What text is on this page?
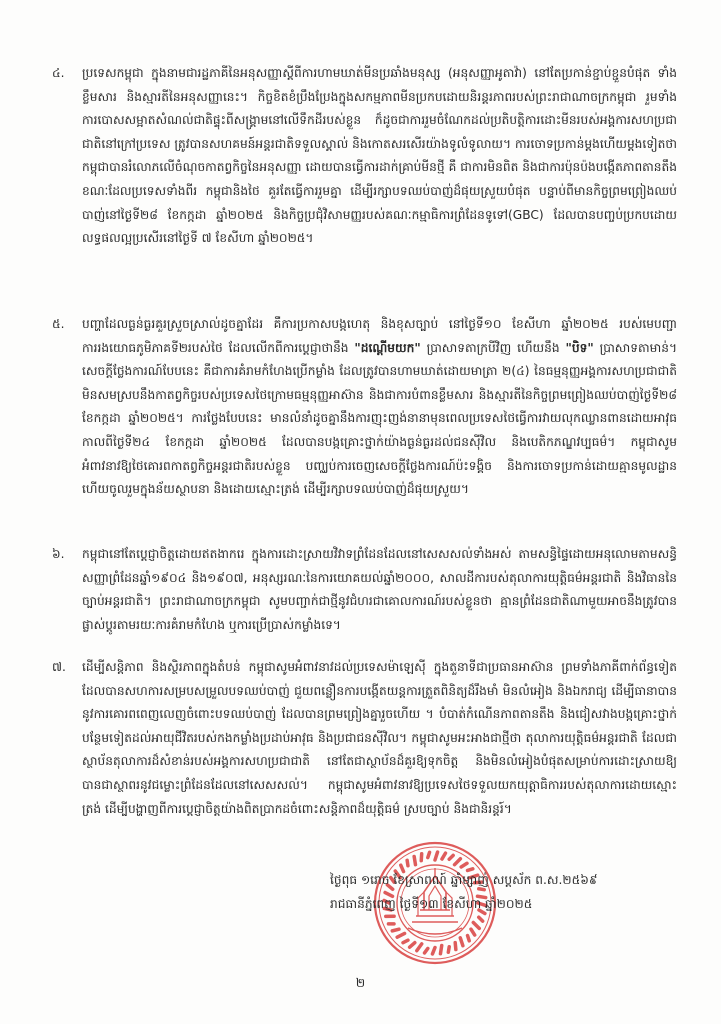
៤.	ប្រទេសកម្ពុជា ក្នុងនាមជារដ្ឋភាគីនៃអនុសញ្ញាស្តីពីការហាមឃាត់មីនប្រឆាំងមនុស្ស (អនុសញ្ញាអូតាវ៉ា) នៅតែប្រកាន់ខ្ជាប់ខ្ជួនបំផុត ទាំងខ្លឹមសារ និងស្មារតីនៃអនុសញ្ញានេះ។ កិច្ចខិតខំប្រឹងប្រែងក្នុងសកម្មភាពមីនប្រកបដោយនិរន្តរភាពរបស់ព្រះរាជាណាចក្រកម្ពុជា រួមទាំងការបោសសម្អាតសំណល់ជាតិផ្ទុះពីសង្គ្រាមនៅលើទឹកដីរបស់ខ្លួន ក៏ដូចជាការរួមចំណែកដល់ប្រតិបត្តិការដោះមីនរបស់អង្គការសហប្រជាជាតិនៅក្រៅប្រទេស ត្រូវបានសហគមន៍អន្តរជាតិទទួលស្គាល់ និងកោតសរសើរយ៉ាងទូលំទូលាយ។ ការចោទប្រកាន់ម្តងហើយម្តងទៀតថាកម្ពុជាបានរំលោភលើចំណុចកាតព្វកិច្ចនៃអនុសញ្ញា ដោយបានធ្វើការដាក់គ្រាប់មីនថ្មី គឺ ជាការមិនពិត និងជាការប៉ុនប៉ងបង្កើតភាពតានតឹង ខណៈដែលប្រទេសទាំងពីរ កម្ពុជានិងថៃ គួរតែធ្វើការរួមគ្នា ដើម្បីរក្សាបទឈប់បាញ់ដ៏ផុយស្រួយបំផុត បន្ទាប់ពីមានកិច្ចព្រមព្រៀងឈប់បាញ់នៅថ្ងៃទី២៨ ខែកក្កដា ឆ្នាំ២០២៥ និងកិច្ចប្រជុំវិសាមញ្ញរបស់គណៈកម្មាធិការព្រំដែនទូទៅ(GBC) ដែលបានបញ្ចប់ប្រកបដោយលទ្ធផលល្អប្រសើរនៅថ្ងៃទី ៧ ខែសីហា ឆ្នាំ២០២៥។
៥.	បញ្ហាដែលធ្ងន់ធ្ងរគួរស្រួចស្រាល់ដូចគ្នាដែរ គឺការប្រកាសបង្កហេតុ និងខុសច្បាប់ នៅថ្ងៃទី១០ ខែសីហា ឆ្នាំ២០២៥ របស់មេបញ្ជាការរងយោធភូមិភាគទី២របស់ថៃ ដែលលើកពីការប្តេជ្ញាថានឹង "ដណ្តើមយក" ប្រាសាទតាក្របីវិញ ហើយនឹង "បិទ" ប្រាសាទតាមាន់។ សេចក្តីថ្លែងការណ៍បែបនេះ គឺជាការគំរាមកំហែងប្រើកម្លាំង ដែលត្រូវបានហាមឃាត់ដោយមាត្រា ២(៤) នៃធម្មនុញ្ញអង្គការសហប្រជាជាតិ មិនសមស្របនឹងកាតព្វកិច្ចរបស់ប្រទេសថៃក្រោមធម្មនុញ្ញអាស៊ាន និងជាការបំពានខ្លឹមសារ និងស្មារតីនៃកិច្ចព្រមព្រៀងឈប់បាញ់ថ្ងៃទី២៨ ខែកក្កដា ឆ្នាំ២០២៥។ ការថ្លែងបែបនេះ មានលំនាំដូចគ្នានឹងការញុះញង់នានាមុនពេលប្រទេសថៃធ្វើការវាយលុកឈ្លានពានដោយអាវុធ កាលពីថ្ងៃទី២៤ ខែកក្កដា ឆ្នាំ២០២៥ ដែលបានបង្កគ្រោះថ្នាក់យ៉ាងធ្ងន់ធ្ងរដល់ជនស៊ីវិល និងបេតិកភណ្ឌវប្បធម៌។ កម្ពុជាសូមអំពាវនាវឱ្យថៃគោរពកាតព្វកិច្ចអន្តរជាតិរបស់ខ្លួន បញ្ឈប់ការចេញសេចក្តីថ្លែងការណ៍ប៉ះទង្គិច និងការចោទប្រកាន់ដោយគ្មានមូលដ្ឋាន ហើយចូលរួមក្នុងន័យស្ថាបនា និងដោយស្មោះត្រង់ ដើម្បីរក្សាបទឈប់បាញ់ដ៏ផុយស្រួយ។
៦.	កម្ពុជានៅតែប្តេជ្ញាចិត្តដោយឥតងាករេ ក្នុងការដោះស្រាយវិវាទព្រំដែនដែលនៅសេសសល់ទាំងអស់ តាមសន្ធិផ្ទៃដោយអនុលោមតាមសន្ធិសញ្ញាព្រំដែនឆ្នាំ១៩០៤ និង១៩០៧, អនុស្សរណៈនៃការយោគយល់ឆ្នាំ២០០០, សាលដីការបស់តុលាការយុត្តិធម៌អន្តរជាតិ និងវិធាននៃច្បាប់អន្តរជាតិ។ ព្រះរាជាណាចក្រកម្ពុជា សូមបញ្ជាក់ជាថ្មីនូវជំហរជាគោលការណ៍របស់ខ្លួនថា គ្មានព្រំដែនជាតិណាមួយអាចនឹងត្រូវបានផ្លាស់ប្តូរតាមរយៈការគំរាមកំហែង ឬការប្រើប្រាស់កម្លាំងទេ។
៧.	ដើម្បីសន្តិភាព និងស្ថិរភាពក្នុងតំបន់ កម្ពុជាសូមអំពាវនាវដល់ប្រទេសម៉ាឡេស៊ី ក្នុងតួនាទីជាប្រធានអាស៊ាន ព្រមទាំងភាគីពាក់ព័ន្ធទៀតដែលបានសហការសម្របសម្រួលបទឈប់បាញ់ ជួយពន្លឿនការបង្កើតយន្តការត្រួតពិនិត្យដ៏រឹងមាំ មិនលំអៀង និងឯករាជ្យ ដើម្បីធានាបាននូវការគោរពពេញលេញចំពោះបទឈប់បាញ់ ដែលបានព្រមព្រៀងគ្នារួចហើយ ។ បំបាត់កំណើនភាពតានតឹង និងជៀសវាងបង្កគ្រោះថ្នាក់បន្ថែមទៀតដល់អាយុជីវិតរបស់កងកម្លាំងប្រដាប់អាវុធ និងប្រជាជនស៊ីវិល។ កម្ពុជាសូមអះអាងជាថ្មីថា តុលាការយុត្តិធម៌អន្តរជាតិ ដែលជាស្ថាប័នតុលាការដ៏សំខាន់របស់អង្គការសហប្រជាជាតិ នៅតែជាស្ថាប័នដ៏គួរឱ្យទុកចិត្ត និងមិនលំអៀងបំផុតសម្រាប់ការដោះស្រាយឱ្យបានជាស្ថាពរនូវជម្លោះព្រំដែនដែលនៅសេសសល់។ កម្ពុជាសូមអំពាវនាវឱ្យប្រទេសថៃទទួលយកយុត្តាធិការរបស់តុលាការដោយស្មោះត្រង់ ដើម្បីបង្ហាញពីការប្តេជ្ញាចិត្តយ៉ាងពិតប្រាកដចំពោះសន្តិភាពដ៏យុត្តិធម៌ ស្របច្បាប់ និងជានិរន្តរ៍។
ថ្ងៃពុធ ១រោច ខែស្រាពណ៍ ឆ្នាំម្សាញ់ សប្តស័ក ព.ស.២៥៦៩
រាជធានីភ្នំពេញ ថ្ងៃទី១៣ ខែសីហា ឆ្នាំ២០២៥
២
